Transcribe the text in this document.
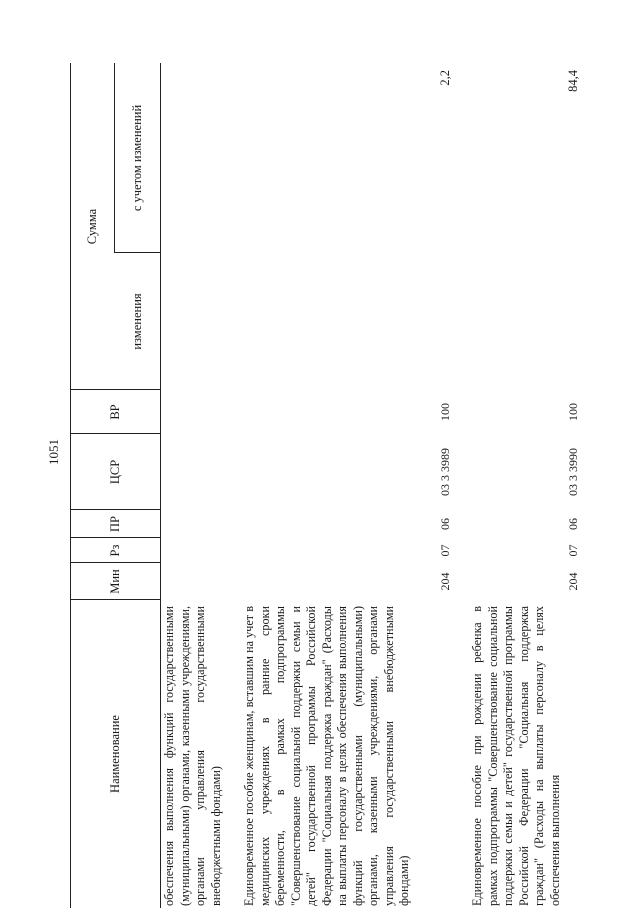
1051
Наименование
Мин
Рз
ПР
ЦСР
ВР
Сумма
изменения
с учетом изменений
обеспечения выполнения функций государственными (муниципальными) органами, казенными учреждениями, органами управления государственными внебюджетными фондами) Единовременное пособие женщинам, вставшим на учет в медицинских учреждениях в ранние сроки беременности, в рамках подпрограммы "Совершенствование социальной поддержки семьи и детей" государственной программы Российской Федерации "Социальная поддержка граждан" (Расходы на выплаты персоналу в целях обеспечения выполнения функций государственными (муниципальными) органами, казенными учреждениями, органами управления государственными внебюджетными фондами)
204
07
06
03 3 3989
100
2,2
Единовременное пособие при рождении ребенка в рамках подпрограммы "Совершенствование социальной поддержки семьи и детей" государственной программы Российской Федерации "Социальная поддержка граждан" (Расходы на выплаты персоналу в целях обеспечения выполнения
204
07
06
03 3 3990
100
84,4
